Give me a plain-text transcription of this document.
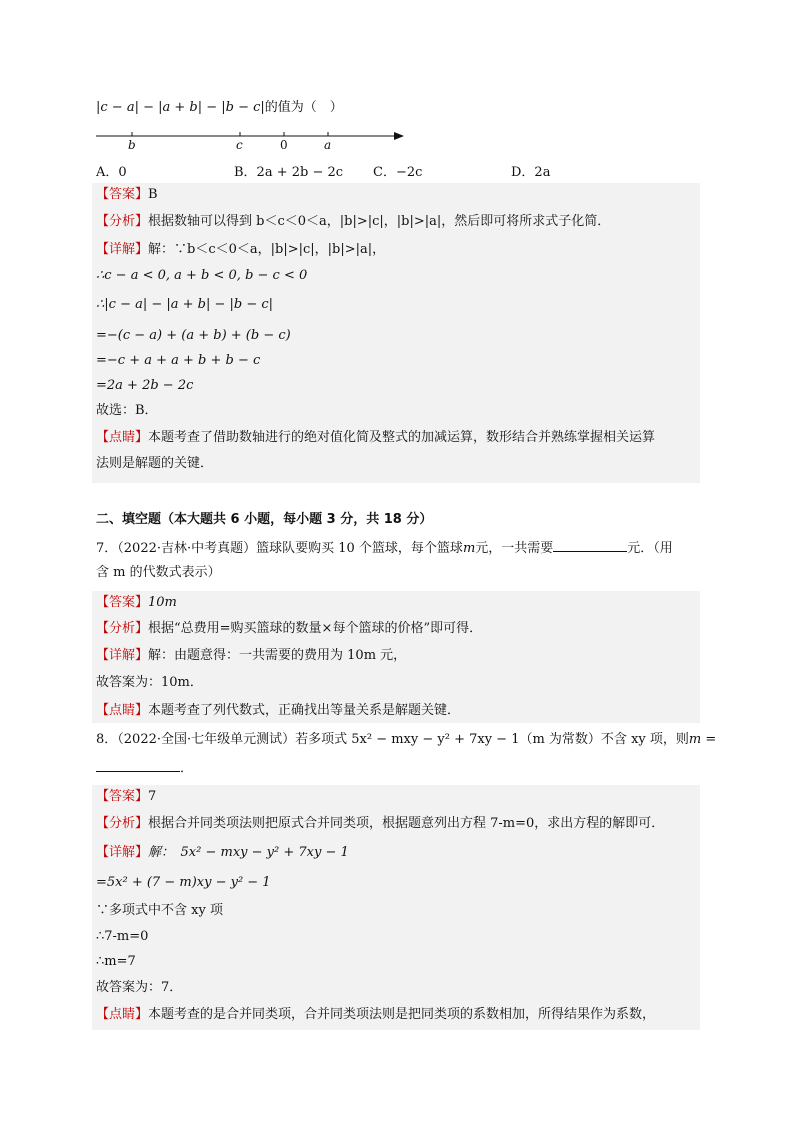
|c − a| − |a + b| − |b − c|的值为（　）
b	c	0	a
A．0	B．2a + 2b − 2c C．−2c	D．2a
【答案】B
【分析】根据数轴可以得到 b＜c＜0＜a，|b|>|c|，|b|>|a|，然后即可将所求式子化简．
【详解】解：∵b＜c＜0＜a，|b|>|c|，|b|>|a|，
∴c − a < 0, a + b < 0, b − c < 0
∴|c − a| − |a + b| − |b − c|
=−(c − a) + (a + b) + (b − c)
=−c + a + a + b + b − c
=2a + 2b − 2c
故选：B．
【点睛】本题考查了借助数轴进行的绝对值化简及整式的加减运算，数形结合并熟练掌握相关运算
法则是解题的关键．
二、填空题（本大题共 6 小题，每小题 3 分，共 18 分）
7．（2022·吉林·中考真题）篮球队要购买 10 个篮球，每个篮球m元，一共需要	元．（用
含 m 的代数式表示）
【答案】10m
【分析】根据“总费用=购买篮球的数量×每个篮球的价格”即可得．
【详解】解：由题意得：一共需要的费用为 10m 元，
故答案为：10m．
【点睛】本题考查了列代数式，正确找出等量关系是解题关键．
8．（2022·全国·七年级单元测试）若多项式 5x² − mxy − y² + 7xy − 1（m 为常数）不含 xy 项，则m =
．
【答案】7
【分析】根据合并同类项法则把原式合并同类项，根据题意列出方程 7-m=0，求出方程的解即可．
【详解】解：　5x² − mxy − y² + 7xy − 1
=5x² + (7 − m)xy − y² − 1
∵多项式中不含 xy 项
∴7-m=0
∴m=7
故答案为：7．
【点睛】本题考查的是合并同类项，合并同类项法则是把同类项的系数相加，所得结果作为系数，
